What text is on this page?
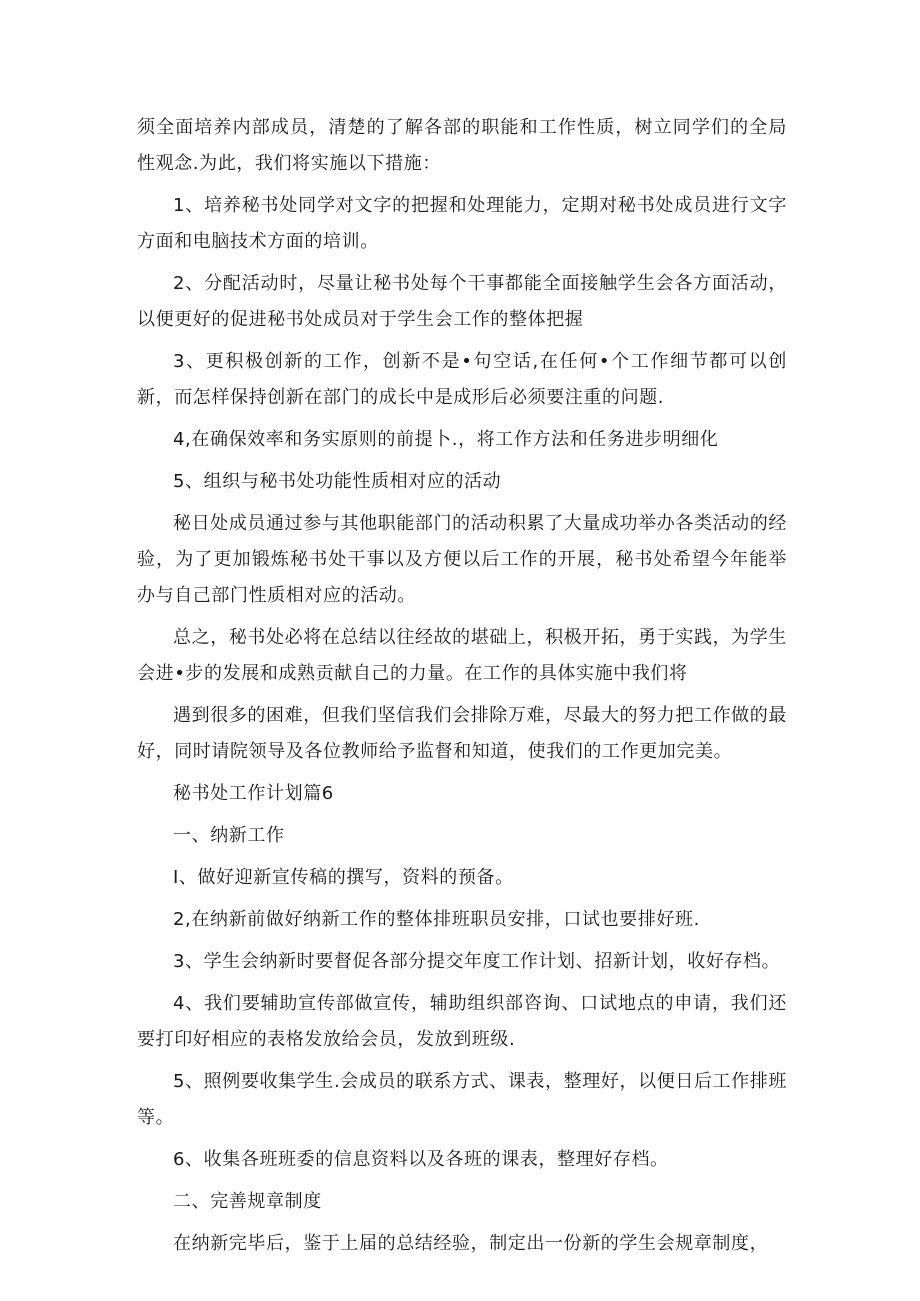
须全面培养内部成员，清楚的了解各部的职能和工作性质，树立同学们的全局性观念.为此，我们将实施以下措施：

1、培养秘书处同学对文字的把握和处理能力，定期对秘书处成员进行文字方面和电脑技术方面的培训。

2、分配活动时，尽量让秘书处每个干事都能全面接触学生会各方面活动，以便更好的促进秘书处成员对于学生会工作的整体把握

3、更积极创新的工作，创新不是•句空话,在任何•个工作细节都可以创新，而怎样保持创新在部门的成长中是成形后必须要注重的问题.

4,在确保效率和务实原则的前提卜.，将工作方法和任务进步明细化

5、组织与秘书处功能性质相对应的活动

秘日处成员通过参与其他职能部门的活动积累了大量成功举办各类活动的经验，为了更加锻炼秘书处干事以及方便以后工作的开展，秘书处希望今年能举办与自己部门性质相对应的活动。

总之，秘书处必将在总结以往经故的堪础上，积极开拓，勇于实践，为学生会进•步的发展和成熟贡献自己的力量。在工作的具体实施中我们将

遇到很多的困难，但我们坚信我们会排除万难，尽最大的努力把工作做的最好，同时请院领导及各位教师给予监督和知道，使我们的工作更加完美。

秘书处工作计划篇6

一、纳新工作

I、做好迎新宣传稿的撰写，资料的预备。

2,在纳新前做好纳新工作的整体排班职员安排，口试也要排好班.

3、学生会纳新时要督促各部分提交年度工作计划、招新计划，收好存档。

4、我们要辅助宣传部做宣传，辅助组织部咨询、口试地点的申请，我们还要打印好相应的表格发放给会员，发放到班级.

5、照例要收集学生.会成员的联系方式、课表，整理好，以便日后工作排班等。

6、收集各班班委的信息资料以及各班的课表，整理好存档。

二、完善规章制度

在纳新完毕后，鉴于上届的总结经验，制定出一份新的学生会规章制度，
